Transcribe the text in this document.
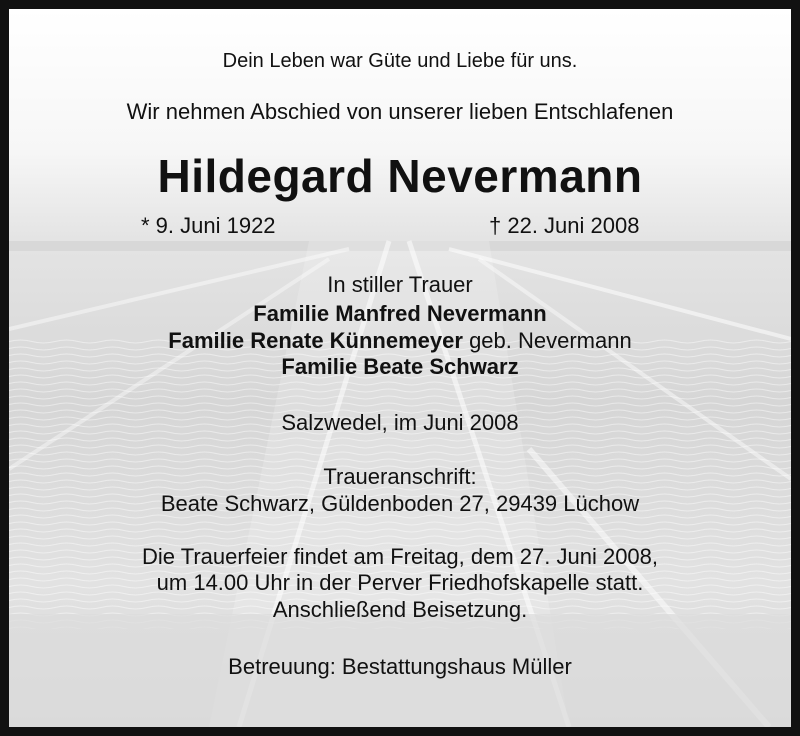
Dein Leben war Güte und Liebe für uns.
Wir nehmen Abschied von unserer lieben Entschlafenen
Hildegard Nevermann
* 9. Juni 1922	† 22. Juni 2008
In stiller Trauer
Familie Manfred Nevermann
Familie Renate Künnemeyer geb. Nevermann
Familie Beate Schwarz
Salzwedel, im Juni 2008
Traueranschrift:
Beate Schwarz, Güldenboden 27, 29439 Lüchow
Die Trauerfeier findet am Freitag, dem 27. Juni 2008,
um 14.00 Uhr in der Perver Friedhofskapelle statt.
Anschließend Beisetzung.
Betreuung: Bestattungshaus Müller
